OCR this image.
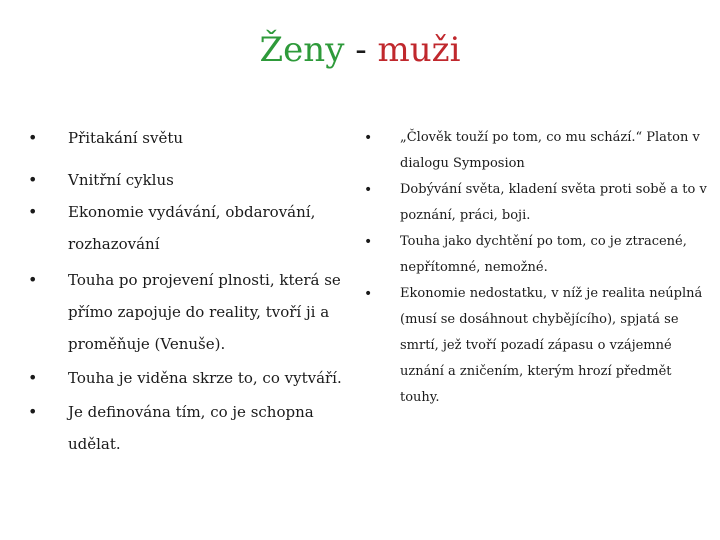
Ženy - muži
• Přitakání světu
• Vnitřní cyklus
• Ekonomie vydávání, obdarování, rozhazování
• Touha po projevení plnosti, která se přímo zapojuje do reality, tvoří ji a proměňuje (Venuše).
• Touha je viděna skrze to, co vytváří.
• Je definována tím, co je schopna udělat.
• „Člověk touží po tom, co mu schází.“ Platon v dialogu Symposion
• Dobývání světa, kladení světa proti sobě a to v poznání, práci, boji.
• Touha jako dychtění po tom, co je ztracené, nepřítomné, nemožné.
• Ekonomie nedostatku, v níž je realita neúplná (musí se dosáhnout chybějícího), spjatá se smrtí, jež tvoří pozadí zápasu o vzájemné uznání a zničením, kterým hrozí předmět touhy.
